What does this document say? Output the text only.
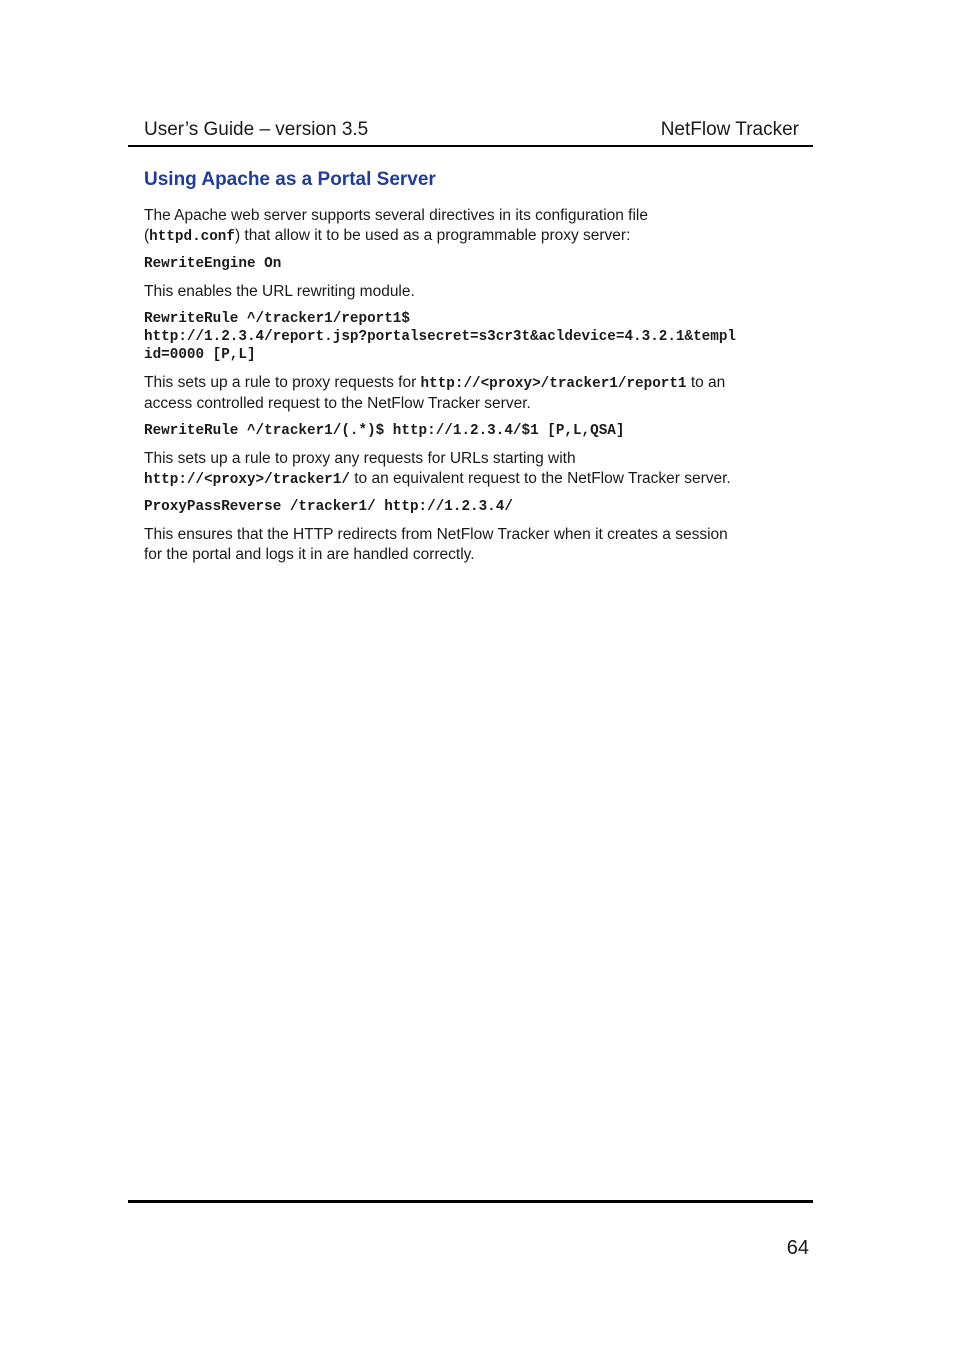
User’s Guide – version 3.5	NetFlow Tracker
Using Apache as a Portal Server
The Apache web server supports several directives in its configuration file
(httpd.conf) that allow it to be used as a programmable proxy server:
RewriteEngine On
This enables the URL rewriting module.
RewriteRule ^/tracker1/report1$
http://1.2.3.4/report.jsp?portalsecret=s3cr3t&acldevice=4.3.2.1&templ
id=0000 [P,L]
This sets up a rule to proxy requests for http://<proxy>/tracker1/report1 to an
access controlled request to the NetFlow Tracker server.
RewriteRule ^/tracker1/(.*)$ http://1.2.3.4/$1 [P,L,QSA]
This sets up a rule to proxy any requests for URLs starting with
http://<proxy>/tracker1/ to an equivalent request to the NetFlow Tracker server.
ProxyPassReverse /tracker1/ http://1.2.3.4/
This ensures that the HTTP redirects from NetFlow Tracker when it creates a session
for the portal and logs it in are handled correctly.
64
